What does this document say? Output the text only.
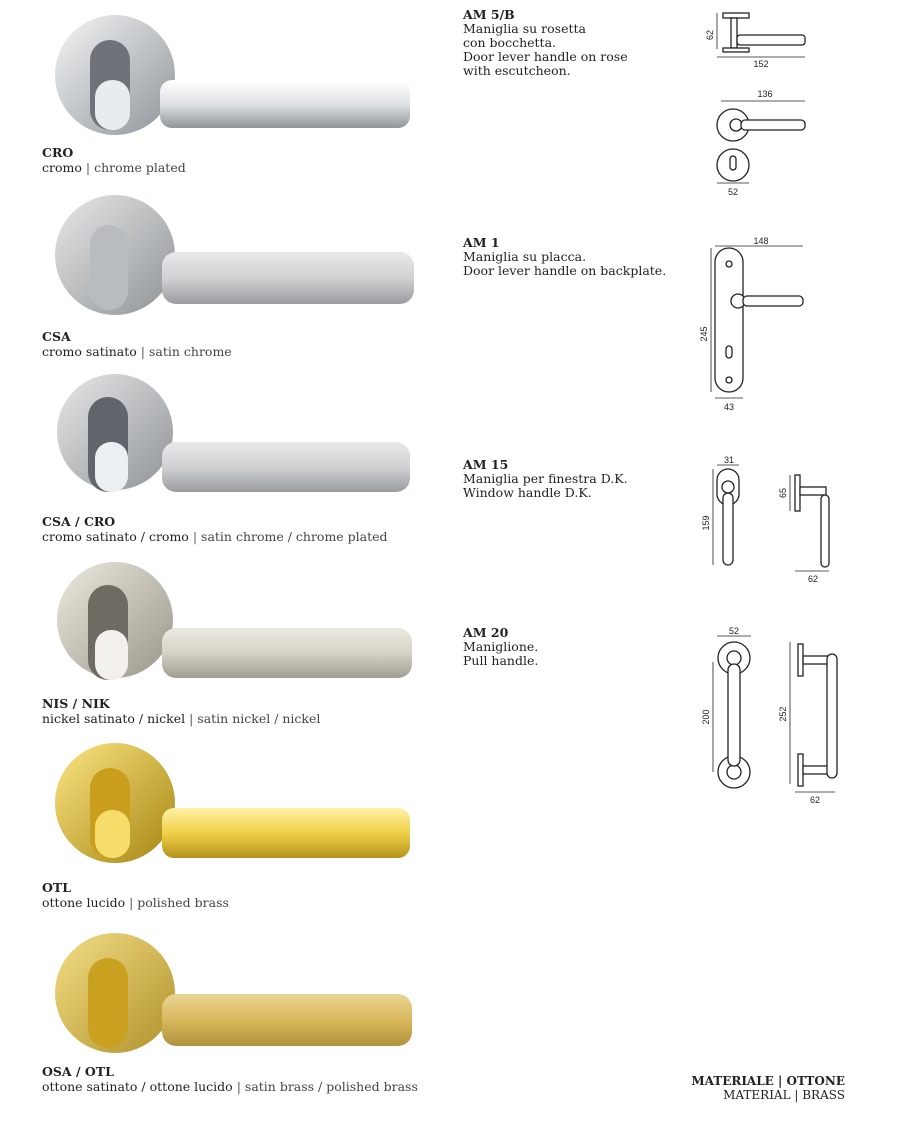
CRO
cromo | chrome plated
CSA
cromo satinato | satin chrome
CSA / CRO
cromo satinato / cromo | satin chrome / chrome plated
NIS / NIK
nickel satinato / nickel | satin nickel / nickel
OTL
ottone lucido | polished brass
OSA / OTL
ottone satinato / ottone lucido | satin brass / polished brass
AM 5/B
Maniglia su rosetta
con bocchetta.
Door lever handle on rose
with escutcheon.
AM 1
Maniglia su placca.
Door lever handle on backplate.
AM 15
Maniglia per finestra D.K.
Window handle D.K.
AM 20
Maniglione.
Pull handle.
62
152
136
52
148
245
43
31
159
65
62
52
200	252
62
MATERIALE | OTTONE
MATERIAL | BRASS
